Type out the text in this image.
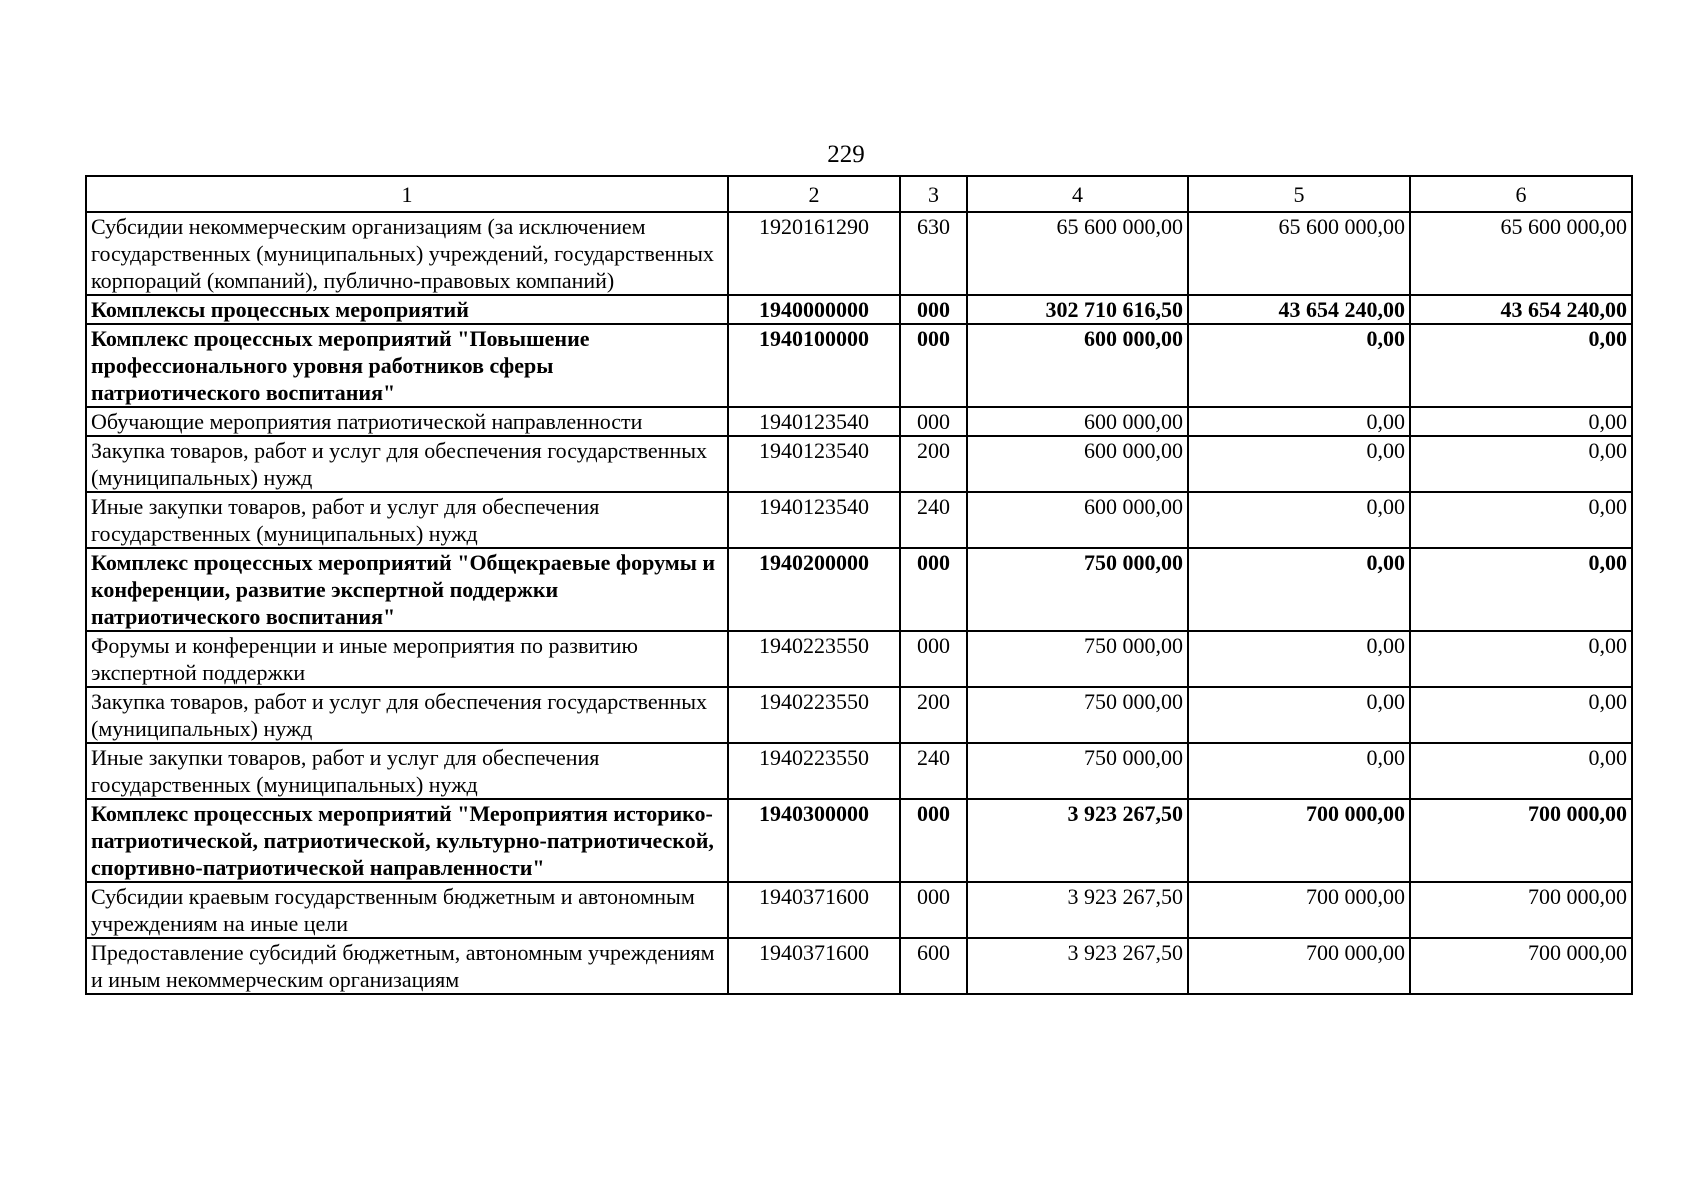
229
1	2	3	4	5	6
Субсидии некоммерческим организациям (за исключением государственных (муниципальных) учреждений, государственных корпораций (компаний), публично-правовых компаний)	1920161290	630	65 600 000,00	65 600 000,00	65 600 000,00
Комплексы процессных мероприятий	1940000000	000	302 710 616,50	43 654 240,00	43 654 240,00
Комплекс процессных мероприятий "Повышение профессионального уровня работников сферы патриотического воспитания"	1940100000	000	600 000,00	0,00	0,00
Обучающие мероприятия патриотической направленности	1940123540	000	600 000,00	0,00	0,00
Закупка товаров, работ и услуг для обеспечения государственных (муниципальных) нужд	1940123540	200	600 000,00	0,00	0,00
Иные закупки товаров, работ и услуг для обеспечения государственных (муниципальных) нужд	1940123540	240	600 000,00	0,00	0,00
Комплекс процессных мероприятий "Общекраевые форумы и конференции, развитие экспертной поддержки патриотического воспитания"	1940200000	000	750 000,00	0,00	0,00
Форумы и конференции и иные мероприятия по развитию экспертной поддержки	1940223550	000	750 000,00	0,00	0,00
Закупка товаров, работ и услуг для обеспечения государственных (муниципальных) нужд	1940223550	200	750 000,00	0,00	0,00
Иные закупки товаров, работ и услуг для обеспечения государственных (муниципальных) нужд	1940223550	240	750 000,00	0,00	0,00
Комплекс процессных мероприятий "Мероприятия историко-патриотической, патриотической, культурно-патриотической, спортивно-патриотической направленности"	1940300000	000	3 923 267,50	700 000,00	700 000,00
Субсидии краевым государственным бюджетным и автономным учреждениям на иные цели	1940371600	000	3 923 267,50	700 000,00	700 000,00
Предоставление субсидий бюджетным, автономным учреждениям и иным некоммерческим организациям	1940371600	600	3 923 267,50	700 000,00	700 000,00
